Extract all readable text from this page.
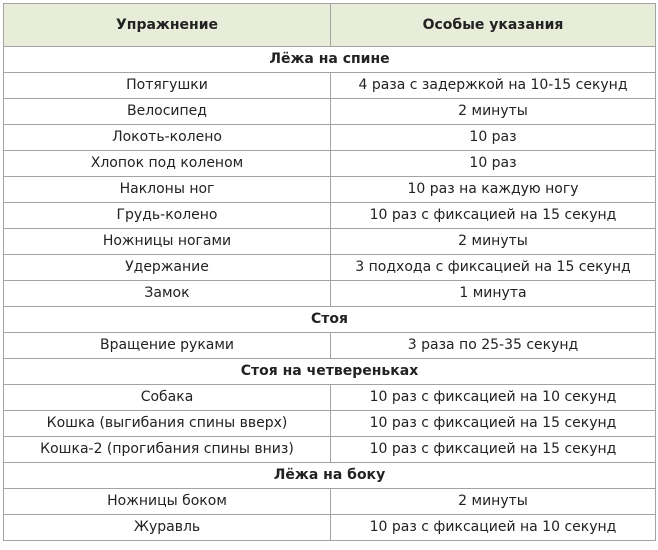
Упражнение	Особые указания
Лёжа на спине	
Потягушки	4 раза с задержкой на 10-15 секунд
Велосипед	2 минуты
Локоть-колено	10 раз
Хлопок под коленом	10 раз
Наклоны ног	10 раз на каждую ногу
Грудь-колено	10 раз с фиксацией на 15 секунд
Ножницы ногами	2 минуты
Удержание	3 подхода с фиксацией на 15 секунд
Замок	1 минута
Стоя	
Вращение руками	3 раза по 25-35 секунд
Стоя на четвереньках	
Собака	10 раз с фиксацией на 10 секунд
Кошка (выгибания спины вверх)	10 раз с фиксацией на 15 секунд
Кошка-2 (прогибания спины вниз)	10 раз с фиксацией на 15 секунд
Лёжа на боку	
Ножницы боком	2 минуты
Журавль	10 раз с фиксацией на 10 секунд
